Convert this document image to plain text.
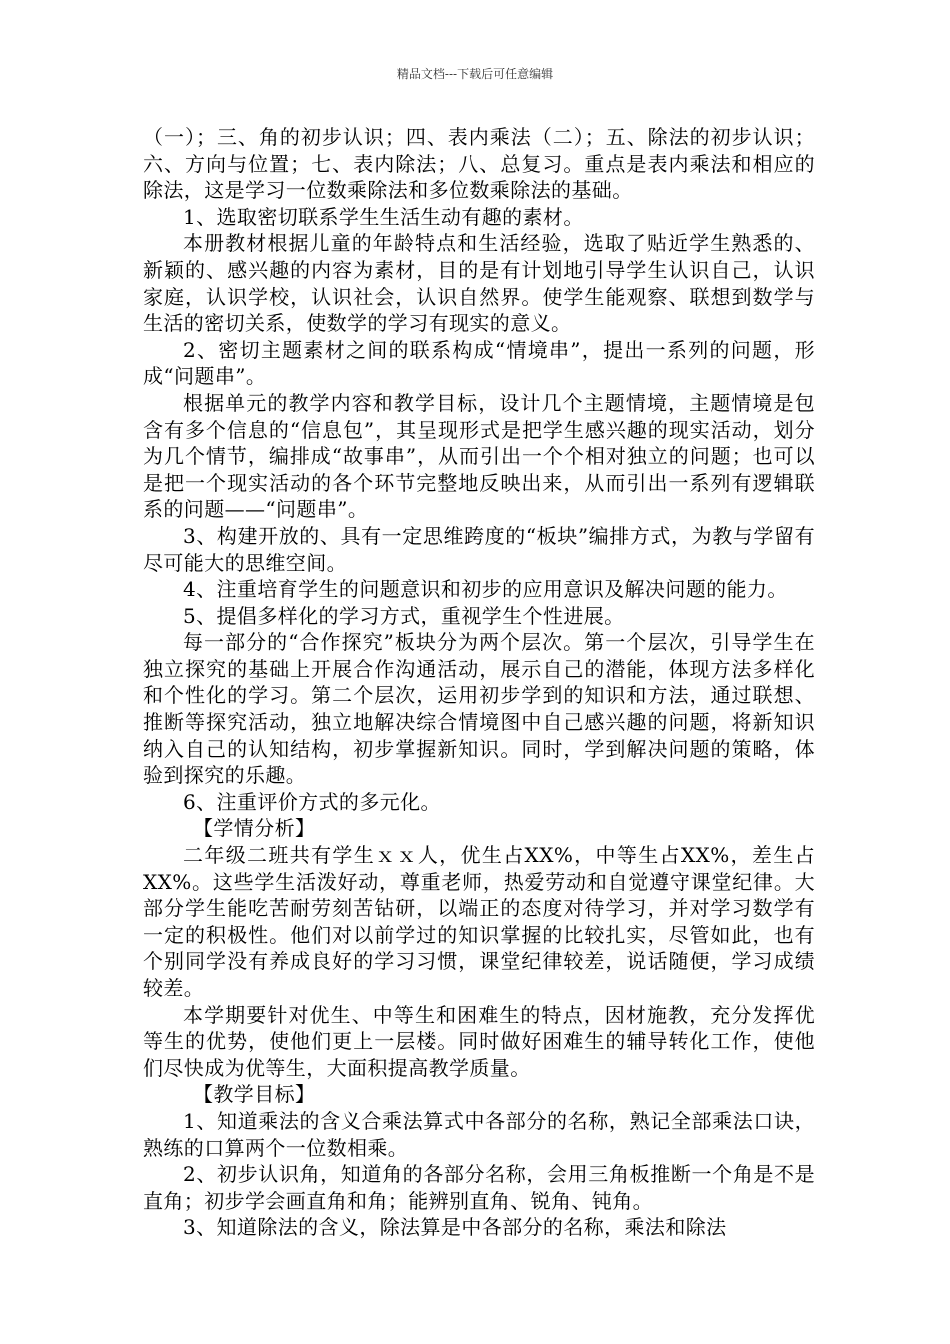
精品文档---下载后可任意编辑

（一）；三、角的初步认识；四、表内乘法（二）；五、除法的初步认识；六、方向与位置；七、表内除法；八、总复习。重点是表内乘法和相应的除法，这是学习一位数乘除法和多位数乘除法的基础。

1、选取密切联系学生生活生动有趣的素材。

本册教材根据儿童的年龄特点和生活经验，选取了贴近学生熟悉的、新颖的、感兴趣的内容为素材，目的是有计划地引导学生认识自己，认识家庭，认识学校，认识社会，认识自然界。使学生能观察、联想到数学与生活的密切关系，使数学的学习有现实的意义。

2、密切主题素材之间的联系构成“情境串”，提出一系列的问题，形成“问题串”。

根据单元的教学内容和教学目标，设计几个主题情境，主题情境是包含有多个信息的“信息包”，其呈现形式是把学生感兴趣的现实活动，划分为几个情节，编排成“故事串”，从而引出一个个相对独立的问题；也可以是把一个现实活动的各个环节完整地反映出来，从而引出一系列有逻辑联系的问题——“问题串”。

3、构建开放的、具有一定思维跨度的“板块”编排方式，为教与学留有尽可能大的思维空间。

4、注重培育学生的问题意识和初步的应用意识及解决问题的能力。

5、提倡多样化的学习方式，重视学生个性进展。

每一部分的“合作探究”板块分为两个层次。第一个层次，引导学生在独立探究的基础上开展合作沟通活动，展示自己的潜能，体现方法多样化和个性化的学习。第二个层次，运用初步学到的知识和方法，通过联想、推断等探究活动，独立地解决综合情境图中自己感兴趣的问题，将新知识纳入自己的认知结构，初步掌握新知识。同时，学到解决问题的策略，体验到探究的乐趣。

6、注重评价方式的多元化。

【学情分析】

二年级二班共有学生ｘｘ人，优生占XX%，中等生占XX%，差生占XX%。这些学生活泼好动，尊重老师，热爱劳动和自觉遵守课堂纪律。大部分学生能吃苦耐劳刻苦钻研，以端正的态度对待学习，并对学习数学有一定的积极性。他们对以前学过的知识掌握的比较扎实，尽管如此，也有个别同学没有养成良好的学习习惯，课堂纪律较差，说话随便，学习成绩较差。

本学期要针对优生、中等生和困难生的特点，因材施教，充分发挥优等生的优势，使他们更上一层楼。同时做好困难生的辅导转化工作，使他们尽快成为优等生，大面积提高教学质量。

【教学目标】

1、知道乘法的含义合乘法算式中各部分的名称，熟记全部乘法口诀，熟练的口算两个一位数相乘。

2、初步认识角，知道角的各部分名称，会用三角板推断一个角是不是直角；初步学会画直角和角；能辨别直角、锐角、钝角。

3、知道除法的含义，除法算是中各部分的名称，乘法和除法
